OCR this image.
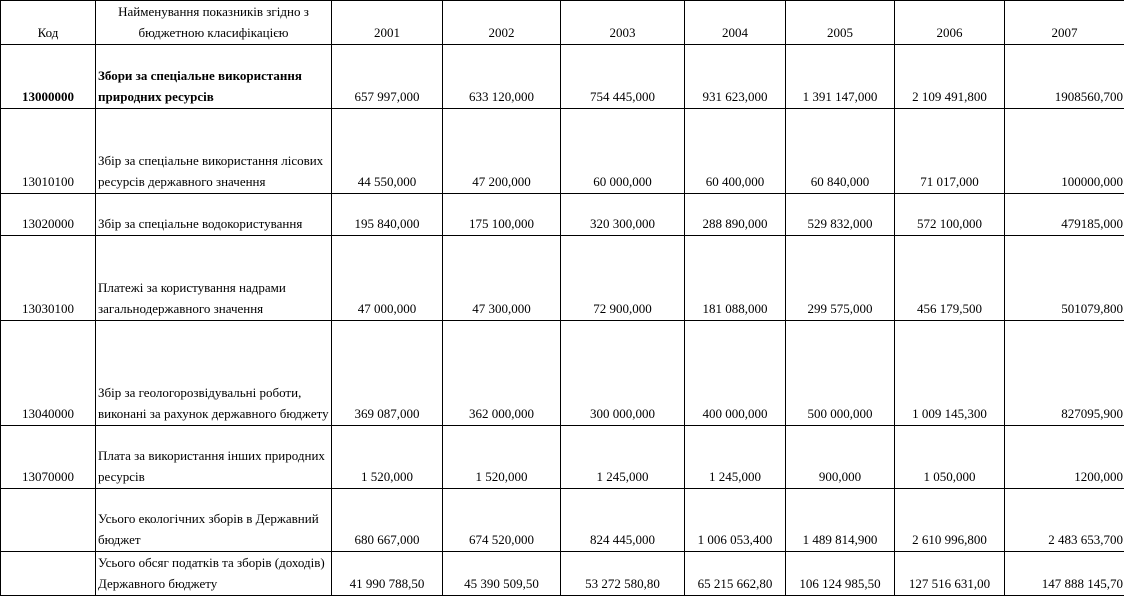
Код	Найменування показників згідно з бюджетною класифікацією	2001	2002	2003	2004	2005	2006	2007
13000000	Збори за спеціальне використання природних ресурсів	657 997,000	633 120,000	754 445,000	931 623,000	1 391 147,000	2 109 491,800	1908560,700
13010100	Збір за спеціальне використання лісових ресурсів державного значення	44 550,000	47 200,000	60 000,000	60 400,000	60 840,000	71 017,000	100000,000
13020000	Збір за спеціальне водокористування	195 840,000	175 100,000	320 300,000	288 890,000	529 832,000	572 100,000	479185,000
13030100	Платежі за користування надрами загальнодержавного значення	47 000,000	47 300,000	72 900,000	181 088,000	299 575,000	456 179,500	501079,800
13040000	Збір за геологорозвідувальні роботи, виконані за рахунок державного бюджету	369 087,000	362 000,000	300 000,000	400 000,000	500 000,000	1 009 145,300	827095,900
13070000	Плата за використання інших природних ресурсів	1 520,000	1 520,000	1 245,000	1 245,000	900,000	1 050,000	1200,000
	Усього екологічних зборів в Державний бюджет	680 667,000	674 520,000	824 445,000	1 006 053,400	1 489 814,900	2 610 996,800	2 483 653,700
	Усього обсяг податків та зборів (доходів) Державного бюджету	41 990 788,50	45 390 509,50	53 272 580,80	65 215 662,80	106 124 985,50	127 516 631,00	147 888 145,70
